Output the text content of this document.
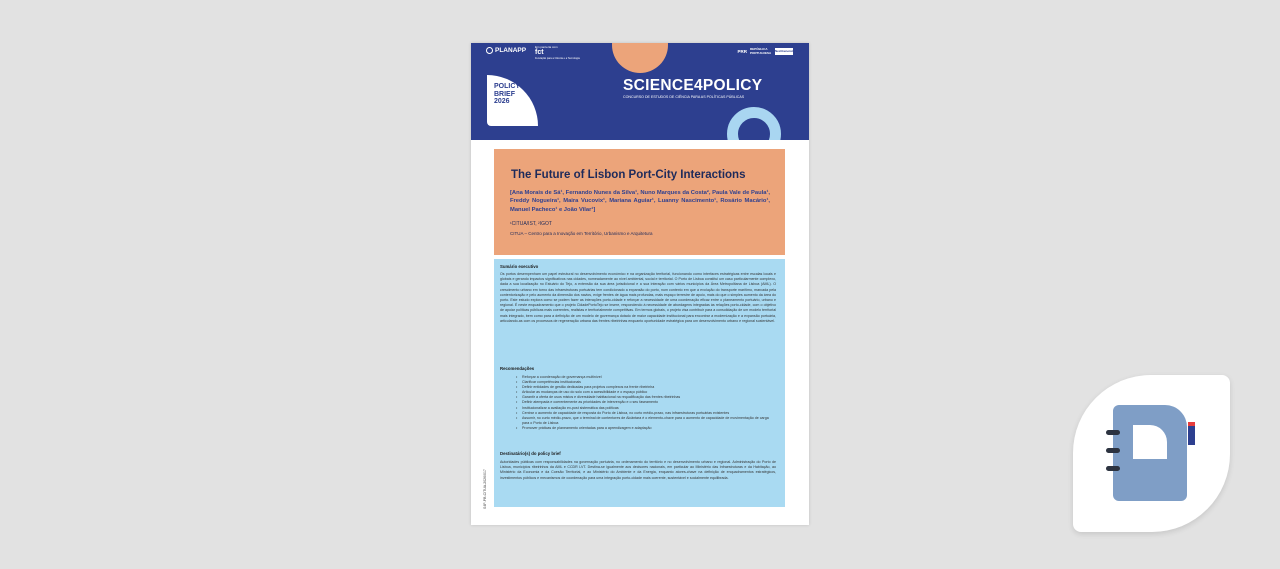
PLANAPP	Em parceria com
fct
Fundação para a Ciência e a Tecnologia
PRR REPÚBLICA PORTUGUESA NextGenerationEU
POLICY
BRIEF
2026
SCIENCE4POLICY
CONCURSO DE ESTUDOS DE CIÊNCIA PARA AS POLÍTICAS PÚBLICAS
The Future of Lisbon Port-City Interactions
[Ana Morais de Sá¹, Fernando Nunes da Silva¹, Nuno Marques da Costa², Paula Vale de Paula¹, Freddy Nogueira¹, Maira Vucovix¹, Mariana Aguiar¹, Luanny Nascimento¹, Rosário Macário¹, Manuel Pacheco¹ e João Vilar¹]
¹CITUA/IST, ²IGOT
CITUA – Centro para a Inovação em Território, Urbanismo e Arquitetura
Sumário executivo

Os portos desempenham um papel estrutural no desenvolvimento económico e na organização territorial, funcionando como interfaces estratégicas entre escalas locais e globais e gerando impactos significativos nas cidades, nomeadamente ao nível ambiental, social e territorial. O Porto de Lisboa constitui um caso particularmente complexo, dada a sua localização no Estuário do Tejo, a extensão da sua área jurisdicional e a sua interação com vários municípios da Área Metropolitana de Lisboa (AML). O crescimento urbano em torno das infraestruturas portuárias tem condicionado a expansão do porto, num contexto em que a evolução do transporte marítimo, marcada pela contentorização e pelo aumento da dimensão dos navios, exige frentes de água mais profundas, mais espaço terrestre de apoio, mais do que o simples aumento da área do porto. Este estudo explora como se podem fazer as interações porto-cidade e reforçar a necessidade de uma coordenação eficaz entre o planeamento portuário, urbano e regional. É neste enquadramento que o projeto CidadePortoTejo se insere, respondendo à necessidade de abordagens integradas às relações porto-cidade, com o objetivo de apoiar políticas públicas mais coerentes, realistas e territorialmente competitivas. Em termos globais, o projeto visa contribuir para a consolidação de um modelo territorial mais integrado, bem como para a definição de um modelo de governança dotado de maior capacidade institucional para encontrar a modernização e a expansão portuária, articulando-as com os processos de regeneração urbana das frentes ribeirinhas enquanto oportunidade estratégica para um desenvolvimento urbano e regional sustentável.

Recomendações
• Reforçar a coordenação de governança multinível
• Clarificar competências institucionais
• Definir entidades de gestão dedicadas para projetos complexos na frente ribeirinha
• Articular as mudanças de uso do solo com a acessibilidade e o espaço público
• Garantir a oferta de usos mistos e diversidade habitacional na requalificação das frentes ribeirinhas
• Definir atempada e coerentemente as prioridades de intervenção e o seu faseamento
• Institucionalizar a avaliação ex-post sistemática das políticas
• Centrar o aumento de capacidade de resposta do Porto de Lisboa, no curto médio-prazo, nas infraestruturas portuárias existentes
• Assumir, no curto médio-prazo, que o terminal de contentores de Alcântara é o elemento-chave para o aumento de capacidade de movimentação de carga para o Porto de Lisboa
• Promover práticas de planeamento orientadas para a aprendizagem e adaptação
Destinatário(s) do policy brief

Autoridades públicas com responsabilidades na governação portuária, no ordenamento do território e no desenvolvimento urbano e regional. Administração do Porto de Lisboa, municípios ribeirinhos da AML e CCDR LVT. Destina-se igualmente aos decisores nacionais, em particular ao Ministério das Infraestruturas e da Habitação, ao Ministério da Economia e da Coesão Territorial, e ao Ministério do Ambiente e da Energia, enquanto atores-chave na definição de enquadramentos estratégicos, investimentos públicos e mecanismos de coordenação para uma integração porto-cidade mais coerente, sustentável e socialmente equilibrada.

S4P-PB-CITUA-2026/017
